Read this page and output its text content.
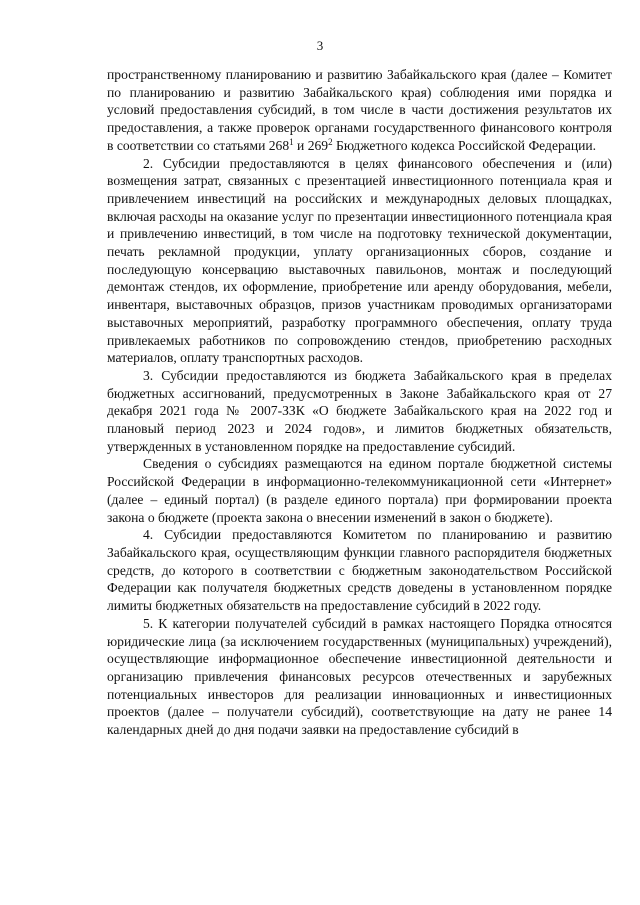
3

пространственному планированию и развитию Забайкальского края (далее – Комитет по планированию и развитию Забайкальского края) соблюдения ими порядка и условий предоставления субсидий, в том числе в части достижения результатов их предоставления, а также проверок органами государственного финансового контроля в соответствии со статьями $268^1$ и $269^2$ Бюджетного кодекса Российской Федерации.

2. Субсидии предоставляются в целях финансового обеспечения и (или) возмещения затрат, связанных с презентацией инвестиционного потенциала края и привлечением инвестиций на российских и международных деловых площадках, включая расходы на оказание услуг по презентации инвестиционного потенциала края и привлечению инвестиций, в том числе на подготовку технической документации, печать рекламной продукции, уплату организационных сборов, создание и последующую консервацию выставочных павильонов, монтаж и последующий демонтаж стендов, их оформление, приобретение или аренду оборудования, мебели, инвентаря, выставочных образцов, призов участникам проводимых организаторами выставочных мероприятий, разработку программного обеспечения, оплату труда привлекаемых работников по сопровождению стендов, приобретению расходных материалов, оплату транспортных расходов.

3. Субсидии предоставляются из бюджета Забайкальского края в пределах бюджетных ассигнований, предусмотренных в Законе Забайкальского края от 27 декабря 2021 года № 2007-ЗЗК «О бюджете Забайкальского края на 2022 год и плановый период 2023 и 2024 годов», и лимитов бюджетных обязательств, утвержденных в установленном порядке на предоставление субсидий.

Сведения о субсидиях размещаются на едином портале бюджетной системы Российской Федерации в информационно-телекоммуникационной сети «Интернет» (далее – единый портал) (в разделе единого портала) при формировании проекта закона о бюджете (проекта закона о внесении изменений в закон о бюджете).

4. Субсидии предоставляются Комитетом по планированию и развитию Забайкальского края, осуществляющим функции главного распорядителя бюджетных средств, до которого в соответствии с бюджетным законодательством Российской Федерации как получателя бюджетных средств доведены в установленном порядке лимиты бюджетных обязательств на предоставление субсидий в 2022 году.

5. К категории получателей субсидий в рамках настоящего Порядка относятся юридические лица (за исключением государственных (муниципальных) учреждений), осуществляющие информационное обеспечение инвестиционной деятельности и организацию привлечения финансовых ресурсов отечественных и зарубежных потенциальных инвесторов для реализации инновационных и инвестиционных проектов (далее – получатели субсидий), соответствующие на дату не ранее 14 календарных дней до дня подачи заявки на предоставление субсидий в
